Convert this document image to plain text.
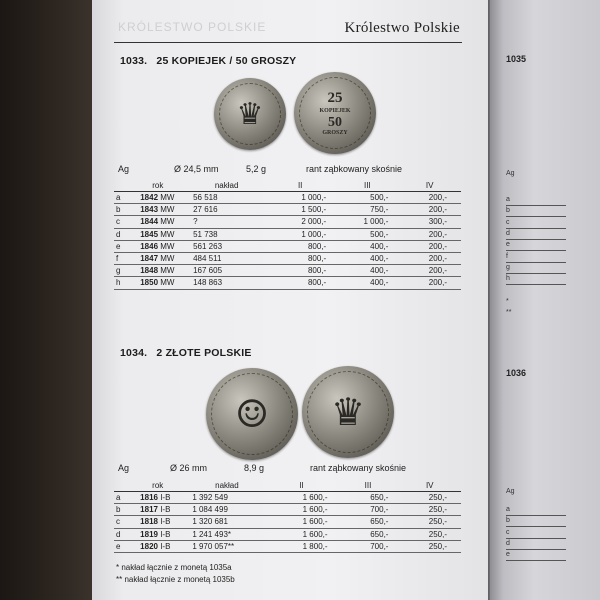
KRÓLESTWO POLSKIE	Królestwo Polskie
1033. 25 KOPIEJEK / 50 GROSZY
♛	25
KOPIEJEK
50
GROSZY
Ag	Ø 24,5 mm	5,2 g	rant ząbkowany skośnie
	rok	nakład	II	III	IV
a	1842 MW	56 518	1 000,-	500,-	200,-
b	1843 MW	27 616	1 500,-	750,-	200,-
c	1844 MW	?	2 000,-	1 000,-	300,-
d	1845 MW	51 738	1 000,-	500,-	200,-
e	1846 MW	561 263	800,-	400,-	200,-
f	1847 MW	484 511	800,-	400,-	200,-
g	1848 MW	167 605	800,-	400,-	200,-
h	1850 MW	148 863	800,-	400,-	200,-
1034. 2 ZŁOTE POLSKIE
☺	♛
Ag	Ø 26 mm	8,9 g	rant ząbkowany skośnie
	rok	nakład	II	III	IV
a	1816 I-B	1 392 549	1 600,-	650,-	250,-
b	1817 I-B	1 084 499	1 600,-	700,-	250,-
c	1818 I-B	1 320 681	1 600,-	650,-	250,-
d	1819 I-B	1 241 493*	1 600,-	650,-	250,-
e	1820 I-B	1 970 057**	1 800,-	700,-	250,-
* nakład łącznie z monetą 1035a
** nakład łącznie z monetą 1035b
1035
Ag
a
b
c
d
e
f
g
h
*
**
1036
Ag
a
b
c
d
e
